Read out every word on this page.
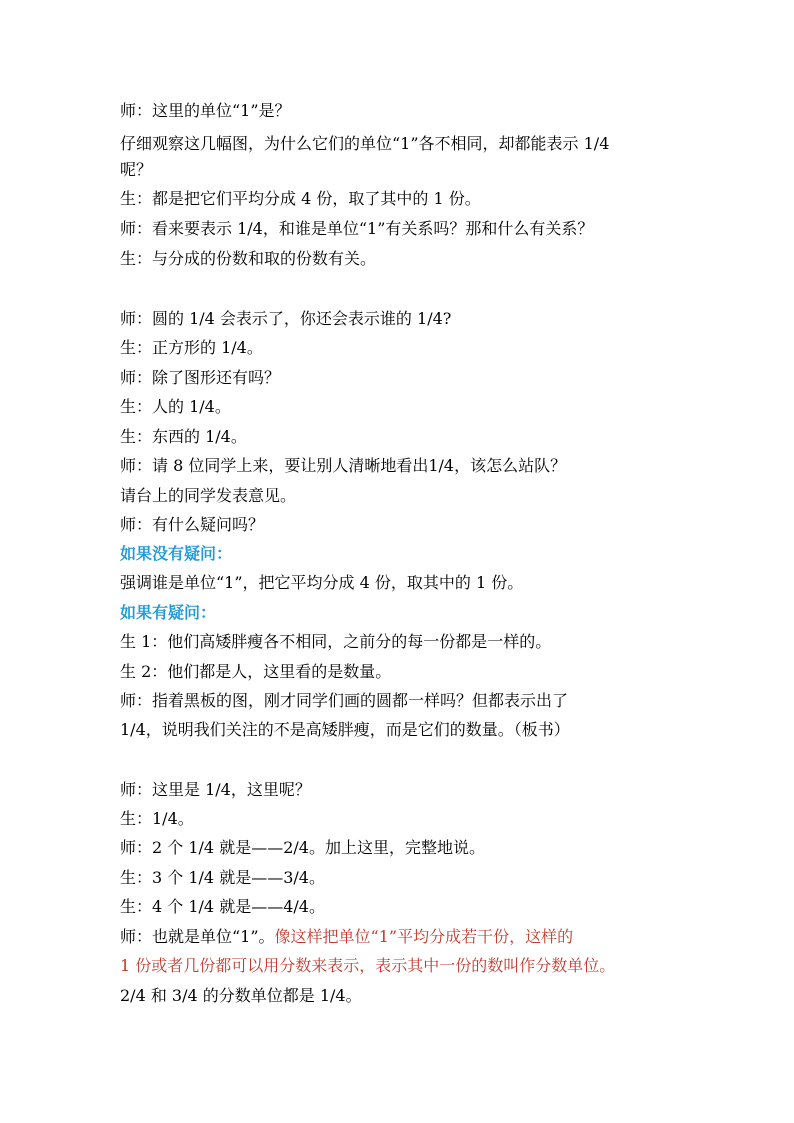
师：这里的单位“1”是？
仔细观察这几幅图，为什么它们的单位“1”各不相同，却都能表示 1/4
呢？
生：都是把它们平均分成 4 份，取了其中的 1 份。
师：看来要表示 1/4，和谁是单位“1”有关系吗？那和什么有关系？
生：与分成的份数和取的份数有关。
师：圆的 1/4 会表示了，你还会表示谁的 1/4?
生：正方形的 1/4。
师：除了图形还有吗？
生：人的 1/4。
生：东西的 1/4。
师：请 8 位同学上来，要让别人清晰地看出1/4，该怎么站队？
请台上的同学发表意见。
师：有什么疑问吗？
如果没有疑问：
强调谁是单位“1”，把它平均分成 4 份，取其中的 1 份。
如果有疑问：
生 1：他们高矮胖瘦各不相同，之前分的每一份都是一样的。
生 2：他们都是人，这里看的是数量。
师：指着黑板的图，刚才同学们画的圆都一样吗？但都表示出了
1/4，说明我们关注的不是高矮胖瘦，而是它们的数量。（板书）
师：这里是 1/4，这里呢？
生：1/4。
师：2 个 1/4 就是——2/4。加上这里，完整地说。
生：3 个 1/4 就是——3/4。
生：4 个 1/4 就是——4/4。
师：也就是单位“1”。像这样把单位“1”平均分成若干份，这样的
1 份或者几份都可以用分数来表示，表示其中一份的数叫作分数单位。
2/4 和 3/4 的分数单位都是 1/4。
